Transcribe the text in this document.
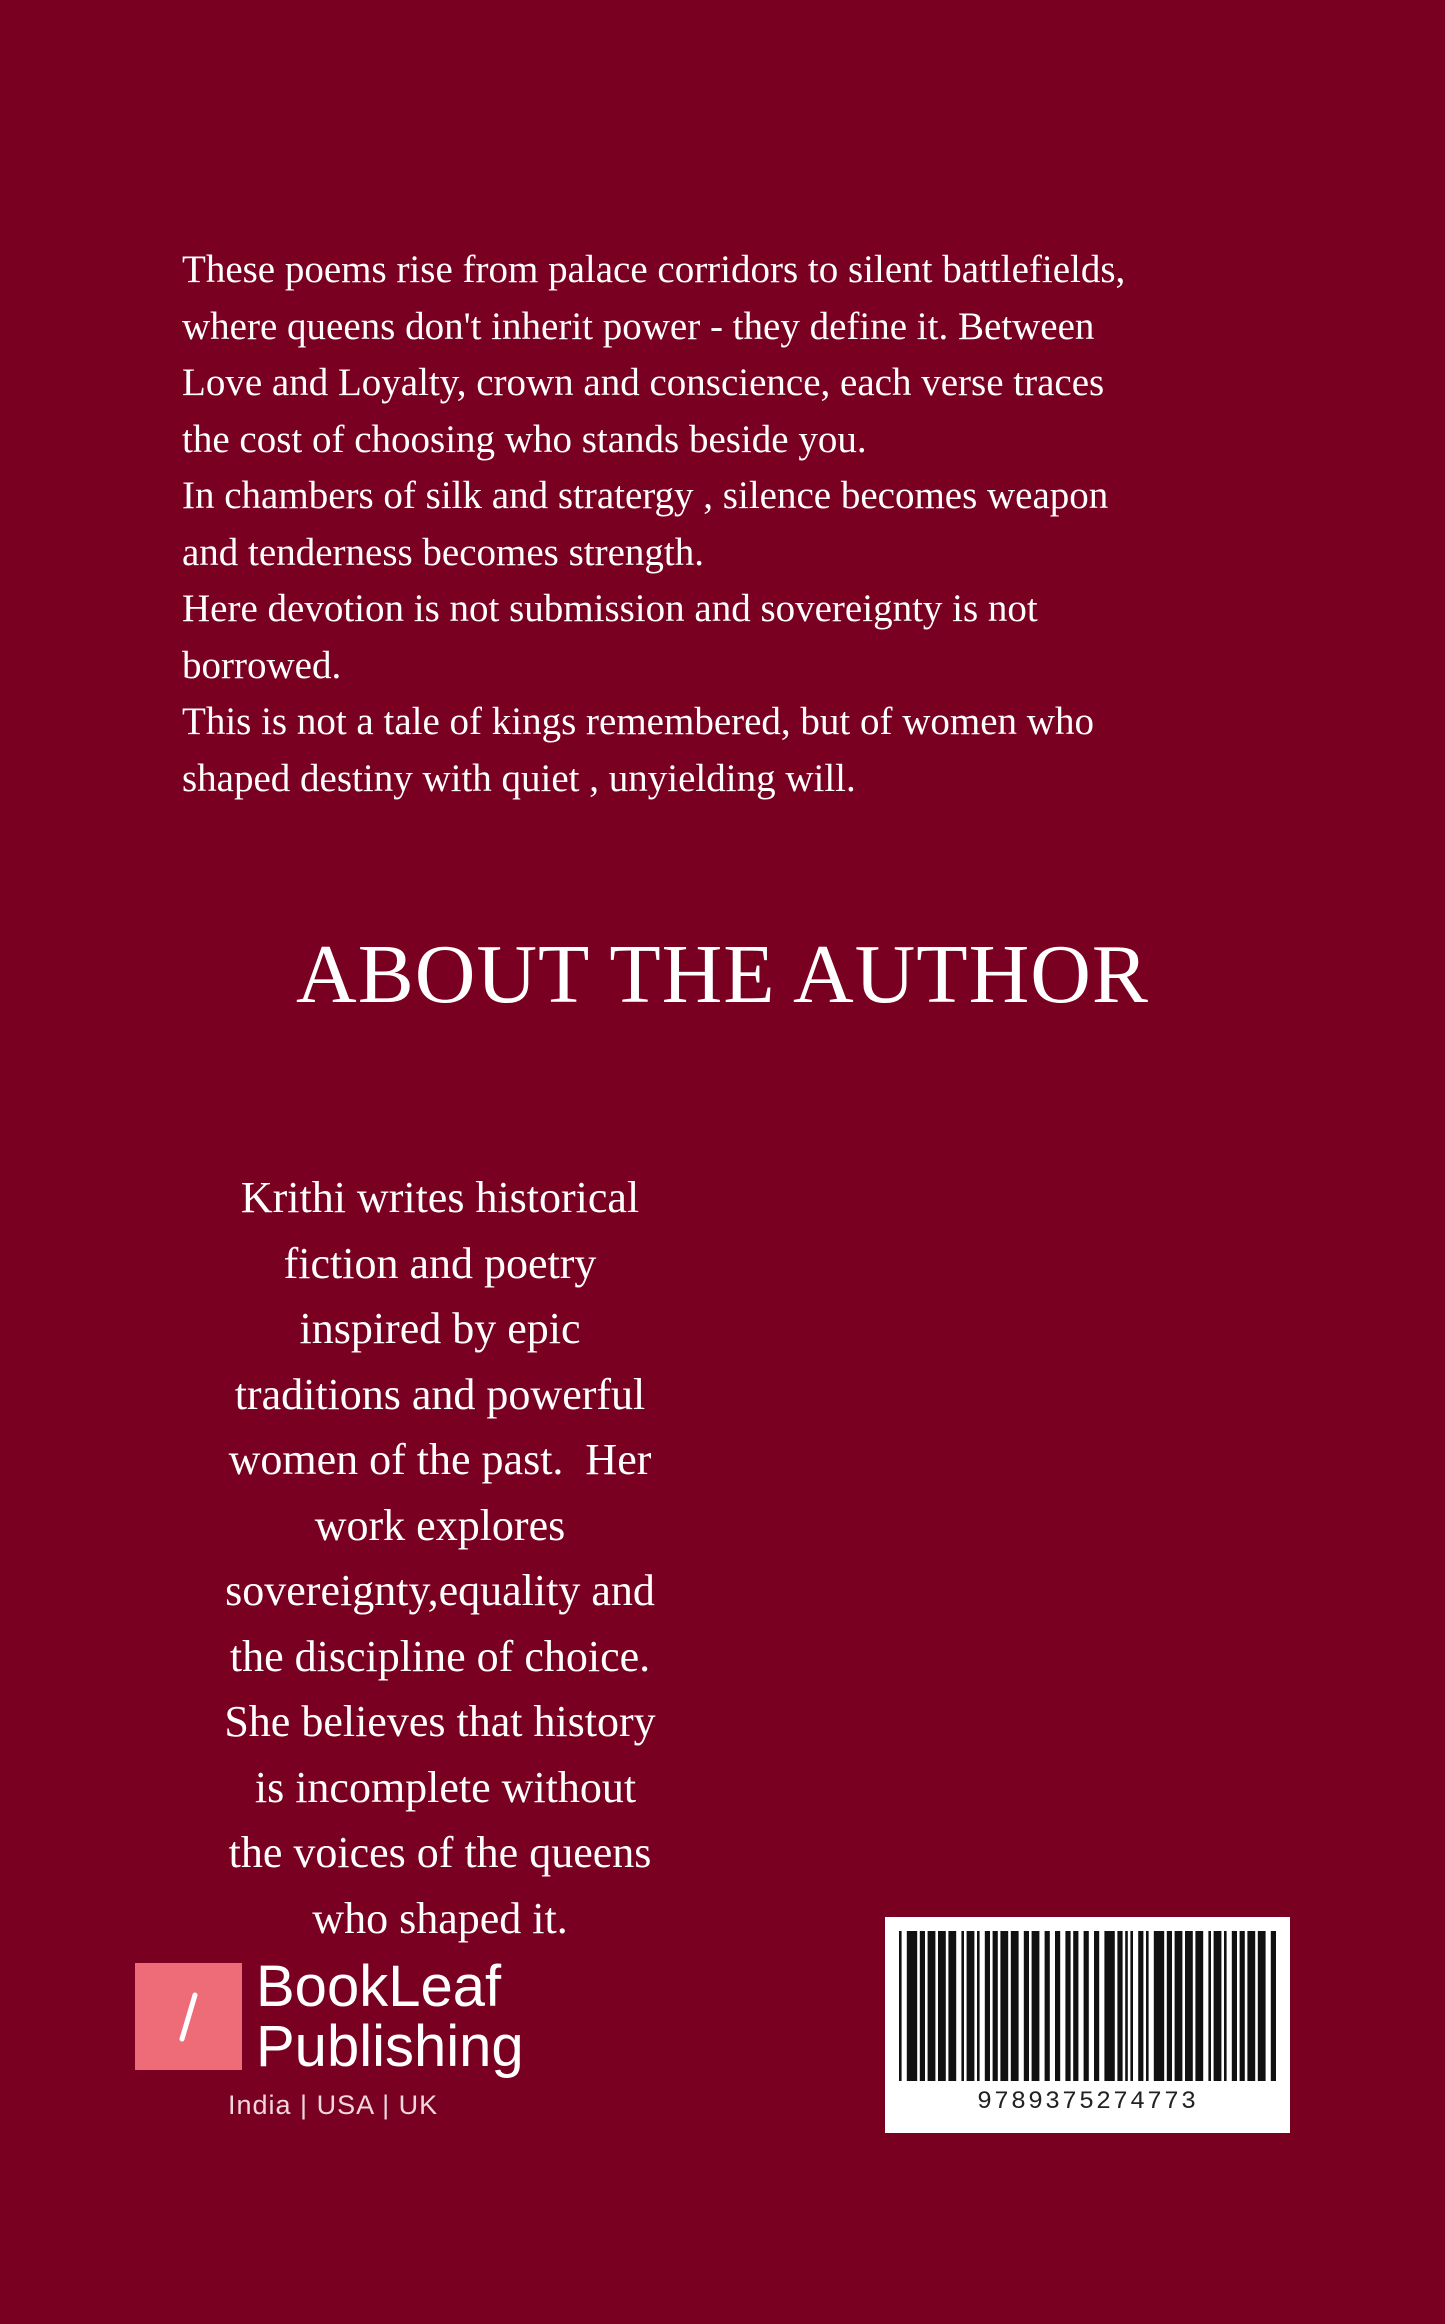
These poems rise from palace corridors to silent battlefields,

where queens don't inherit power - they define it. Between

Love and Loyalty, crown and conscience, each verse traces

the cost of choosing who stands beside you.

In chambers of silk and stratergy , silence becomes weapon

and tenderness becomes strength.

Here devotion is not submission and sovereignty is not

borrowed.

This is not a tale of kings remembered, but of women who

shaped destiny with quiet , unyielding will.

ABOUT THE AUTHOR
Krithi writes historical
fiction and poetry
inspired by epic
traditions and powerful
women of the past.  Her
work explores
sovereignty,equality and
the discipline of choice.
She believes that history
is incomplete without
the voices of the queens
who shaped it.
BookLeaf
Publishing
India | USA | UK	9789375274773
